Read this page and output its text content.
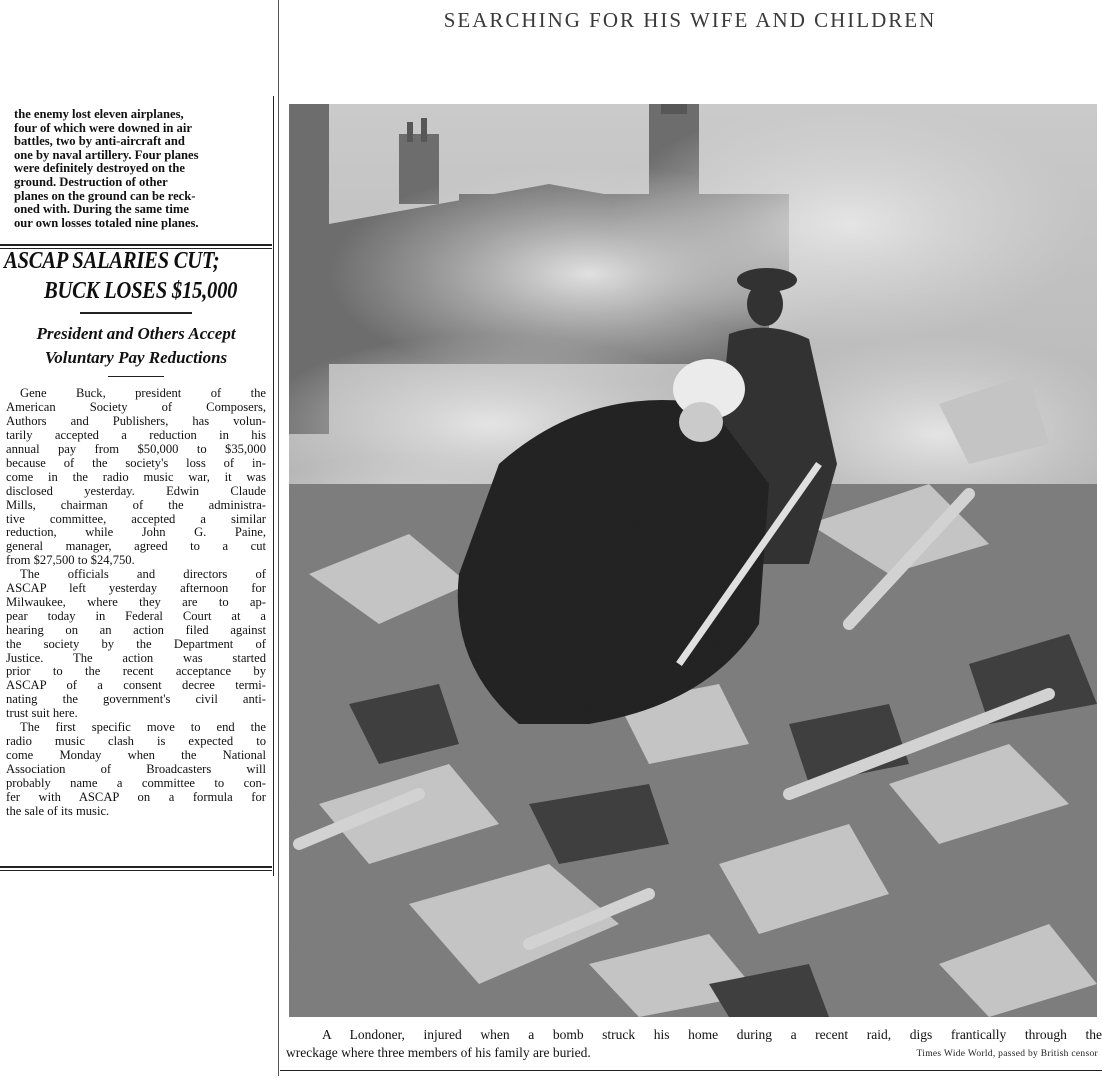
the enemy lost eleven airplanes,
four of which were downed in air
battles, two by anti-aircraft and
one by naval artillery. Four planes
were definitely destroyed on the
ground. Destruction of other
planes on the ground can be reck-
oned with. During the same time
our own losses totaled nine planes.
ASCAP SALARIES CUT;
BUCK LOSES $15,000
President and Others Accept
Voluntary Pay Reductions
Gene Buck, president of the
American Society of Composers,
Authors and Publishers, has volun-
tarily accepted a reduction in his
annual pay from $50,000 to $35,000
because of the society's loss of in-
come in the radio music war, it was
disclosed yesterday. Edwin Claude
Mills, chairman of the administra-
tive committee, accepted a similar
reduction, while John G. Paine,
general manager, agreed to a cut
from $27,500 to $24,750.
The officials and directors of
ASCAP left yesterday afternoon for
Milwaukee, where they are to ap-
pear today in Federal Court at a
hearing on an action filed against
the society by the Department of
Justice. The action was started
prior to the recent acceptance by
ASCAP of a consent decree termi-
nating the government's civil anti-
trust suit here.
The first specific move to end the
radio music clash is expected to
come Monday when the National
Association of Broadcasters will
probably name a committee to con-
fer with ASCAP on a formula for
the sale of its music.
SEARCHING FOR HIS WIFE AND CHILDREN
A Londoner, injured when a bomb struck his home during a recent raid, digs frantically through the
wreckage where three members of his family are buried.	Times Wide World, passed by British censor
